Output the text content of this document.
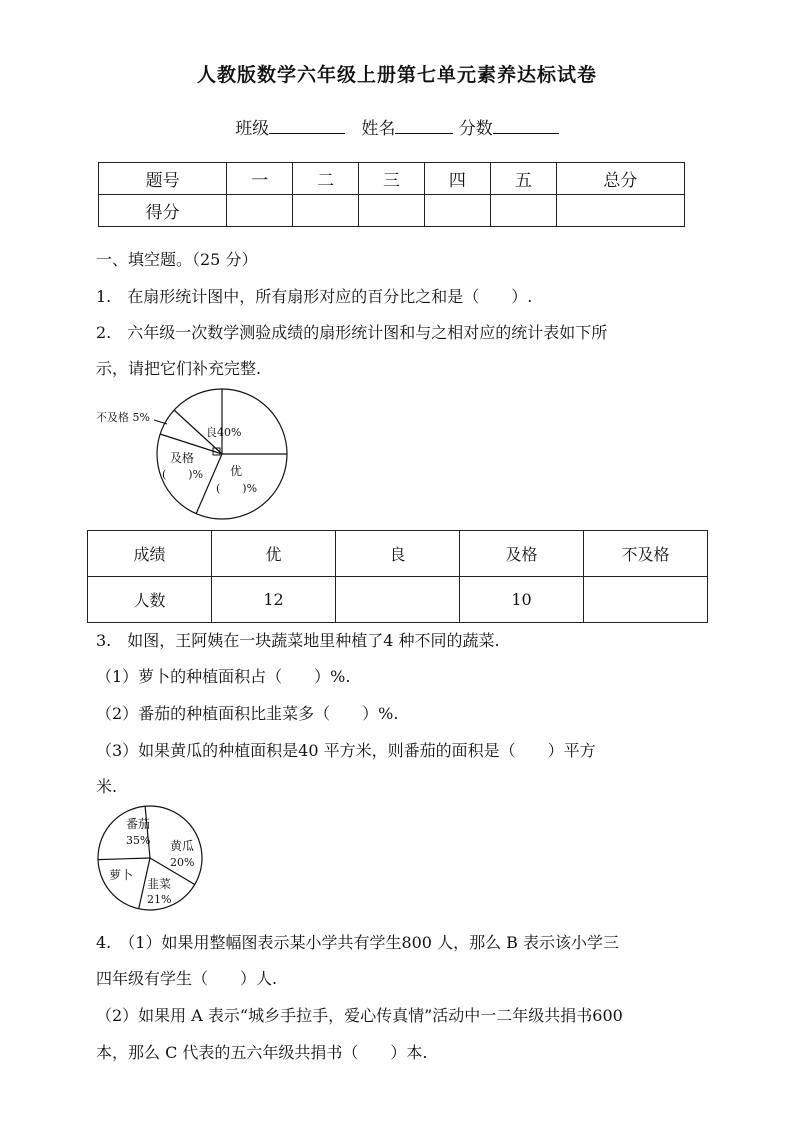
人教版数学六年级上册第七单元素养达标试卷
班级	姓名	分数
题号	一	二	三	四	五	总分
得分						
一、填空题。（25 分）
1.　在扇形统计图中，所有扇形对应的百分比之和是（　　）.
2.　六年级一次数学测验成绩的扇形统计图和与之相对应的统计表如下所
示，请把它们补充完整.
不及格 5%
良40%
及格
(　　)% 优
(　　)%
成绩	优	良	及格	不及格
人数	12		10	
3.　如图，王阿姨在一块蔬菜地里种植了4 种不同的蔬菜.
（1）萝卜的种植面积占（　　）%.
（2）番茄的种植面积比韭菜多（　　）%.
（3）如果黄瓜的种植面积是40 平方米，则番茄的面积是（　　）平方
米.
番茄
35% 黄瓜
20%
韭菜
21%
萝卜
4.　（1）如果用整幅图表示某小学共有学生800 人，那么 B 表示该小学三
四年级有学生（　　）人.
（2）如果用 A 表示“城乡手拉手，爱心传真情”活动中一二年级共捐书600
本，那么 C 代表的五六年级共捐书（　　）本.
